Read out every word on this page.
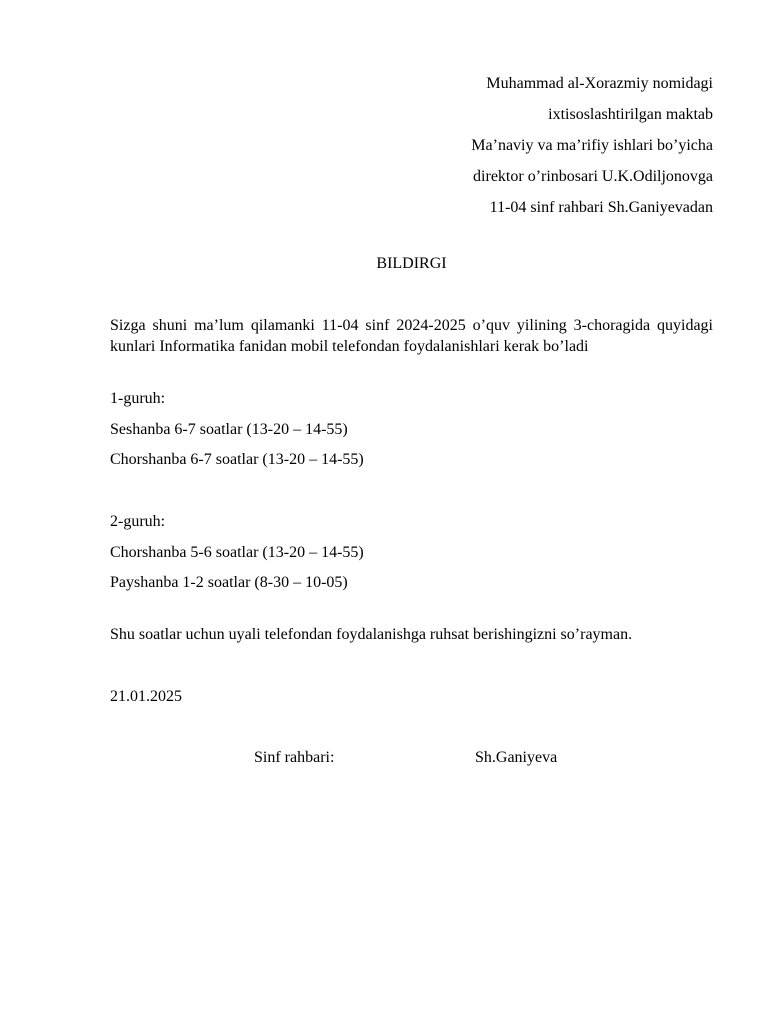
Muhammad al-Xorazmiy nomidagi
ixtisoslashtirilgan maktab
Ma’naviy va ma’rifiy ishlari bo’yicha
direktor o’rinbosari U.K.Odiljonovga
11-04 sinf rahbari Sh.Ganiyevadan
BILDIRGI
Sizga shuni ma’lum qilamanki 11-04 sinf 2024-2025 o’quv yilining 3-choragida quyidagi kunlari Informatika fanidan mobil telefondan foydalanishlari kerak bo’ladi
1-guruh:
Seshanba 6-7 soatlar (13-20 – 14-55)
Chorshanba 6-7 soatlar (13-20 – 14-55)
2-guruh:
Chorshanba 5-6 soatlar (13-20 – 14-55)
Payshanba 1-2 soatlar (8-30 – 10-05)
Shu soatlar uchun uyali telefondan foydalanishga ruhsat berishingizni so’rayman.
21.01.2025
Sinf rahbari:	Sh.Ganiyeva
